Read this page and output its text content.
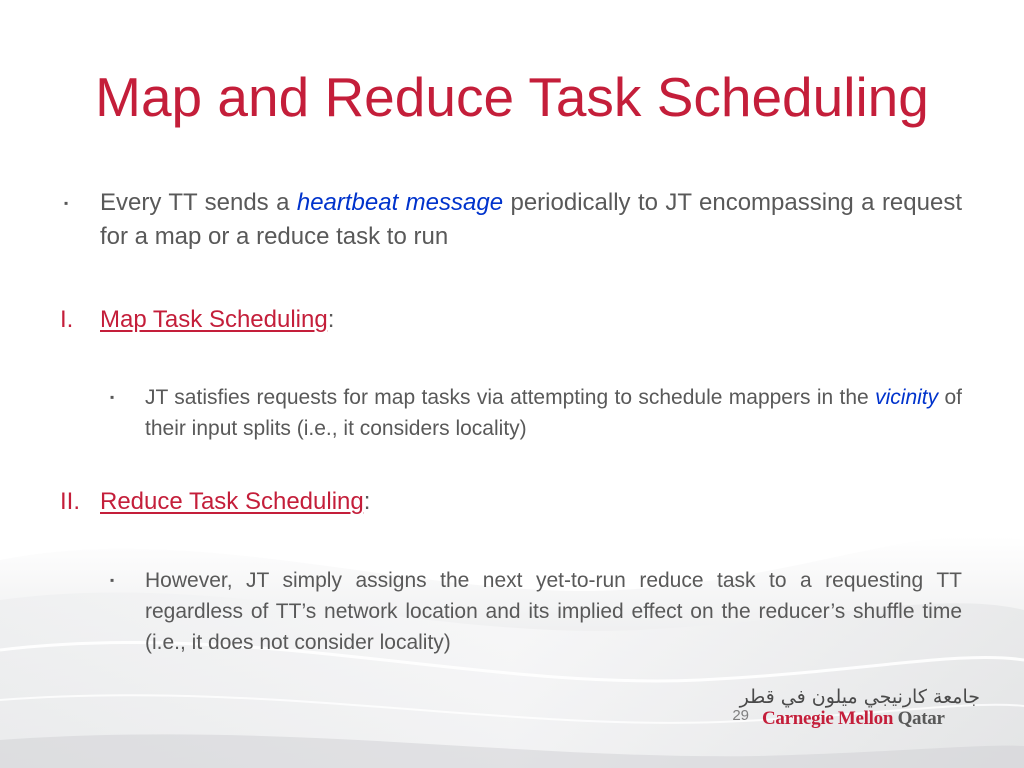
Map and Reduce Task Scheduling
▪ Every TT sends a heartbeat message periodically to JT encompassing a request for a map or a reduce task to run
I. Map Task Scheduling:
▪ JT satisfies requests for map tasks via attempting to schedule mappers in the vicinity of their input splits (i.e., it considers locality)
II. Reduce Task Scheduling:
▪ However, JT simply assigns the next yet-to-run reduce task to a requesting TT regardless of TT’s network location and its implied effect on the reducer’s shuffle time (i.e., it does not consider locality)
29
جامعة كارنيجي ميلون في قطر
Carnegie Mellon Qatar
